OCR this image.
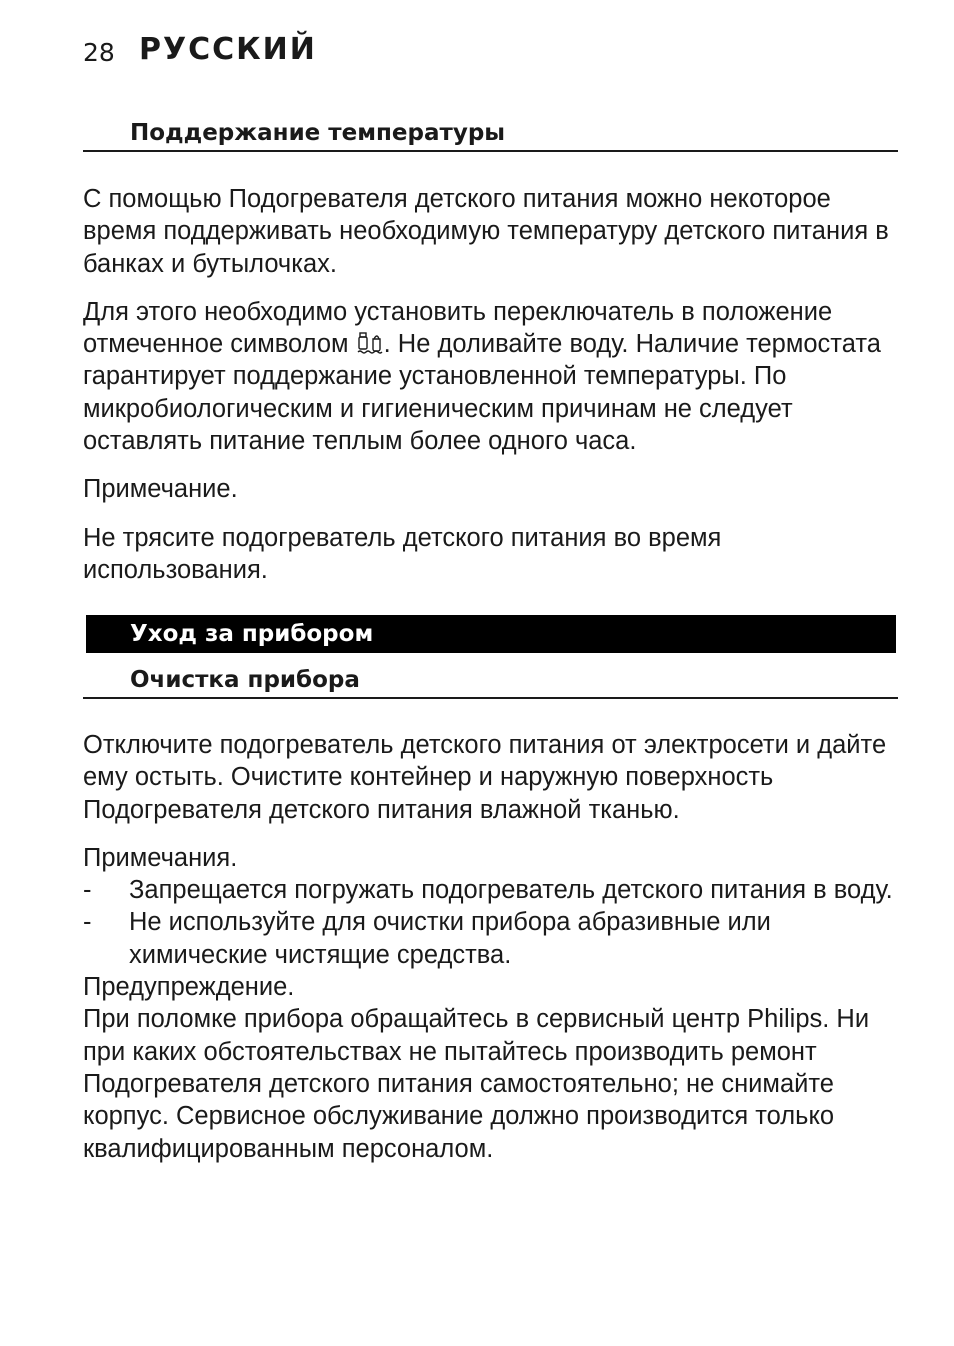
28 РУССКИЙ
Поддержание температуры

С помощью Подогревателя детского питания можно некоторое время поддерживать необходимую температуру детского питания в банках и бутылочках.

Для этого необходимо установить переключатель в положение отмеченное символом . Не доливайте воду. Наличие термостата гарантирует поддержание установленной температуры. По микробиологическим и гигиеническим причинам не следует оставлять питание теплым более одного часа.

Примечание.

Не трясите подогреватель детского питания во время использования.

Уход за прибором
Очистка прибора

Отключите подогреватель детского питания от электросети и дайте ему остыть. Очистите контейнер и наружную поверхность Подогревателя детского питания влажной тканью.

Примечания.

- Запрещается погружать подогреватель детского питания в воду.
- Не используйте для очистки прибора абразивные или химические чистящие средства.

Предупреждение.

При поломке прибора обращайтесь в сервисный центр Philips. Ни при каких обстоятельствах не пытайтесь производить ремонт Подогревателя детского питания самостоятельно; не снимайте корпус. Сервисное обслуживание должно производится только квалифицированным персоналом.
